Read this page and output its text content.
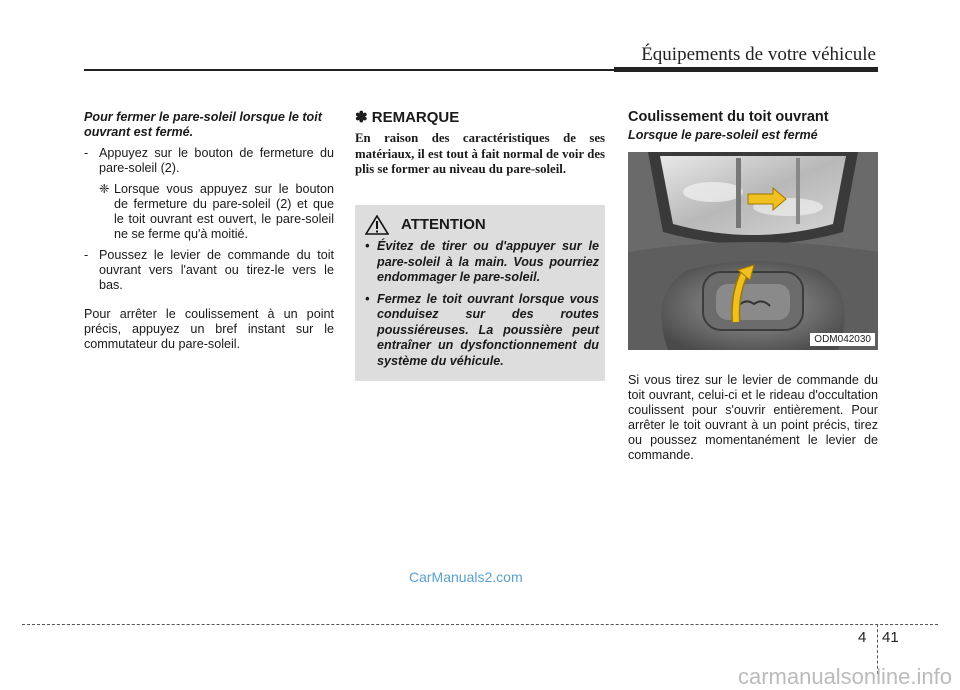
Équipements de votre véhicule

Pour fermer le pare-soleil lorsque le toit ouvrant est fermé.

- Appuyez sur le bouton de fermeture du pare-soleil (2).
❈ Lorsque vous appuyez sur le bouton de fermeture du pare-soleil (2) et que le toit ouvrant est ouvert, le pare-soleil ne se ferme qu'à moitié.
- Poussez le levier de commande du toit ouvrant vers l'avant ou tirez-le vers le bas.

Pour arrêter le coulissement à un point précis, appuyez un bref instant sur le commutateur du pare-soleil.

✽ REMARQUE

En raison des caractéristiques de ses matériaux, il est tout à fait normal de voir des plis se former au niveau du pare-soleil.

ATTENTION
• Évitez de tirer ou d'appuyer sur le pare-soleil à la main. Vous pourriez endommager le pare-soleil.
• Fermez le toit ouvrant lorsque vous conduisez sur des routes poussiéreuses. La poussière peut entraîner un dysfonctionnement du système du véhicule.

Coulissement du toit ouvrant

Lorsque le pare-soleil est fermé

ODM042030

Si vous tirez sur le levier de commande du toit ouvrant, celui-ci et le rideau d'occultation coulissent pour s'ouvrir entièrement. Pour arrêter le toit ouvrant à un point précis, tirez ou poussez momentanément le levier de commande.

CarManuals2.com
4 41
carmanualsonline.info
